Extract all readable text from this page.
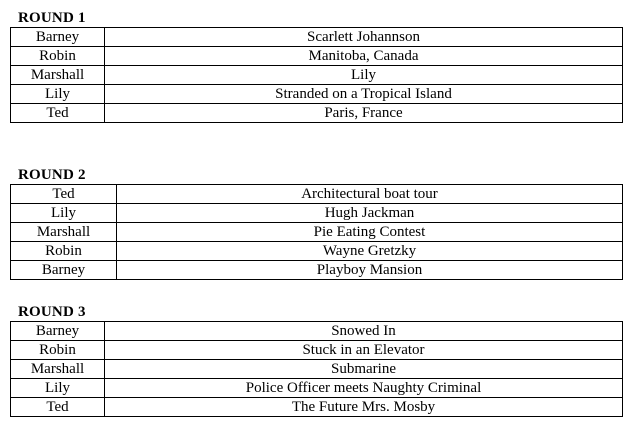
ROUND 1
Barney	Scarlett Johannson
Robin	Manitoba, Canada
Marshall	Lily
Lily	Stranded on a Tropical Island
Ted	Paris, France
ROUND 2
Ted	Architectural boat tour
Lily	Hugh Jackman
Marshall	Pie Eating Contest
Robin	Wayne Gretzky
Barney	Playboy Mansion
ROUND 3
Barney	Snowed In
Robin	Stuck in an Elevator
Marshall	Submarine
Lily	Police Officer meets Naughty Criminal
Ted	The Future Mrs. Mosby
